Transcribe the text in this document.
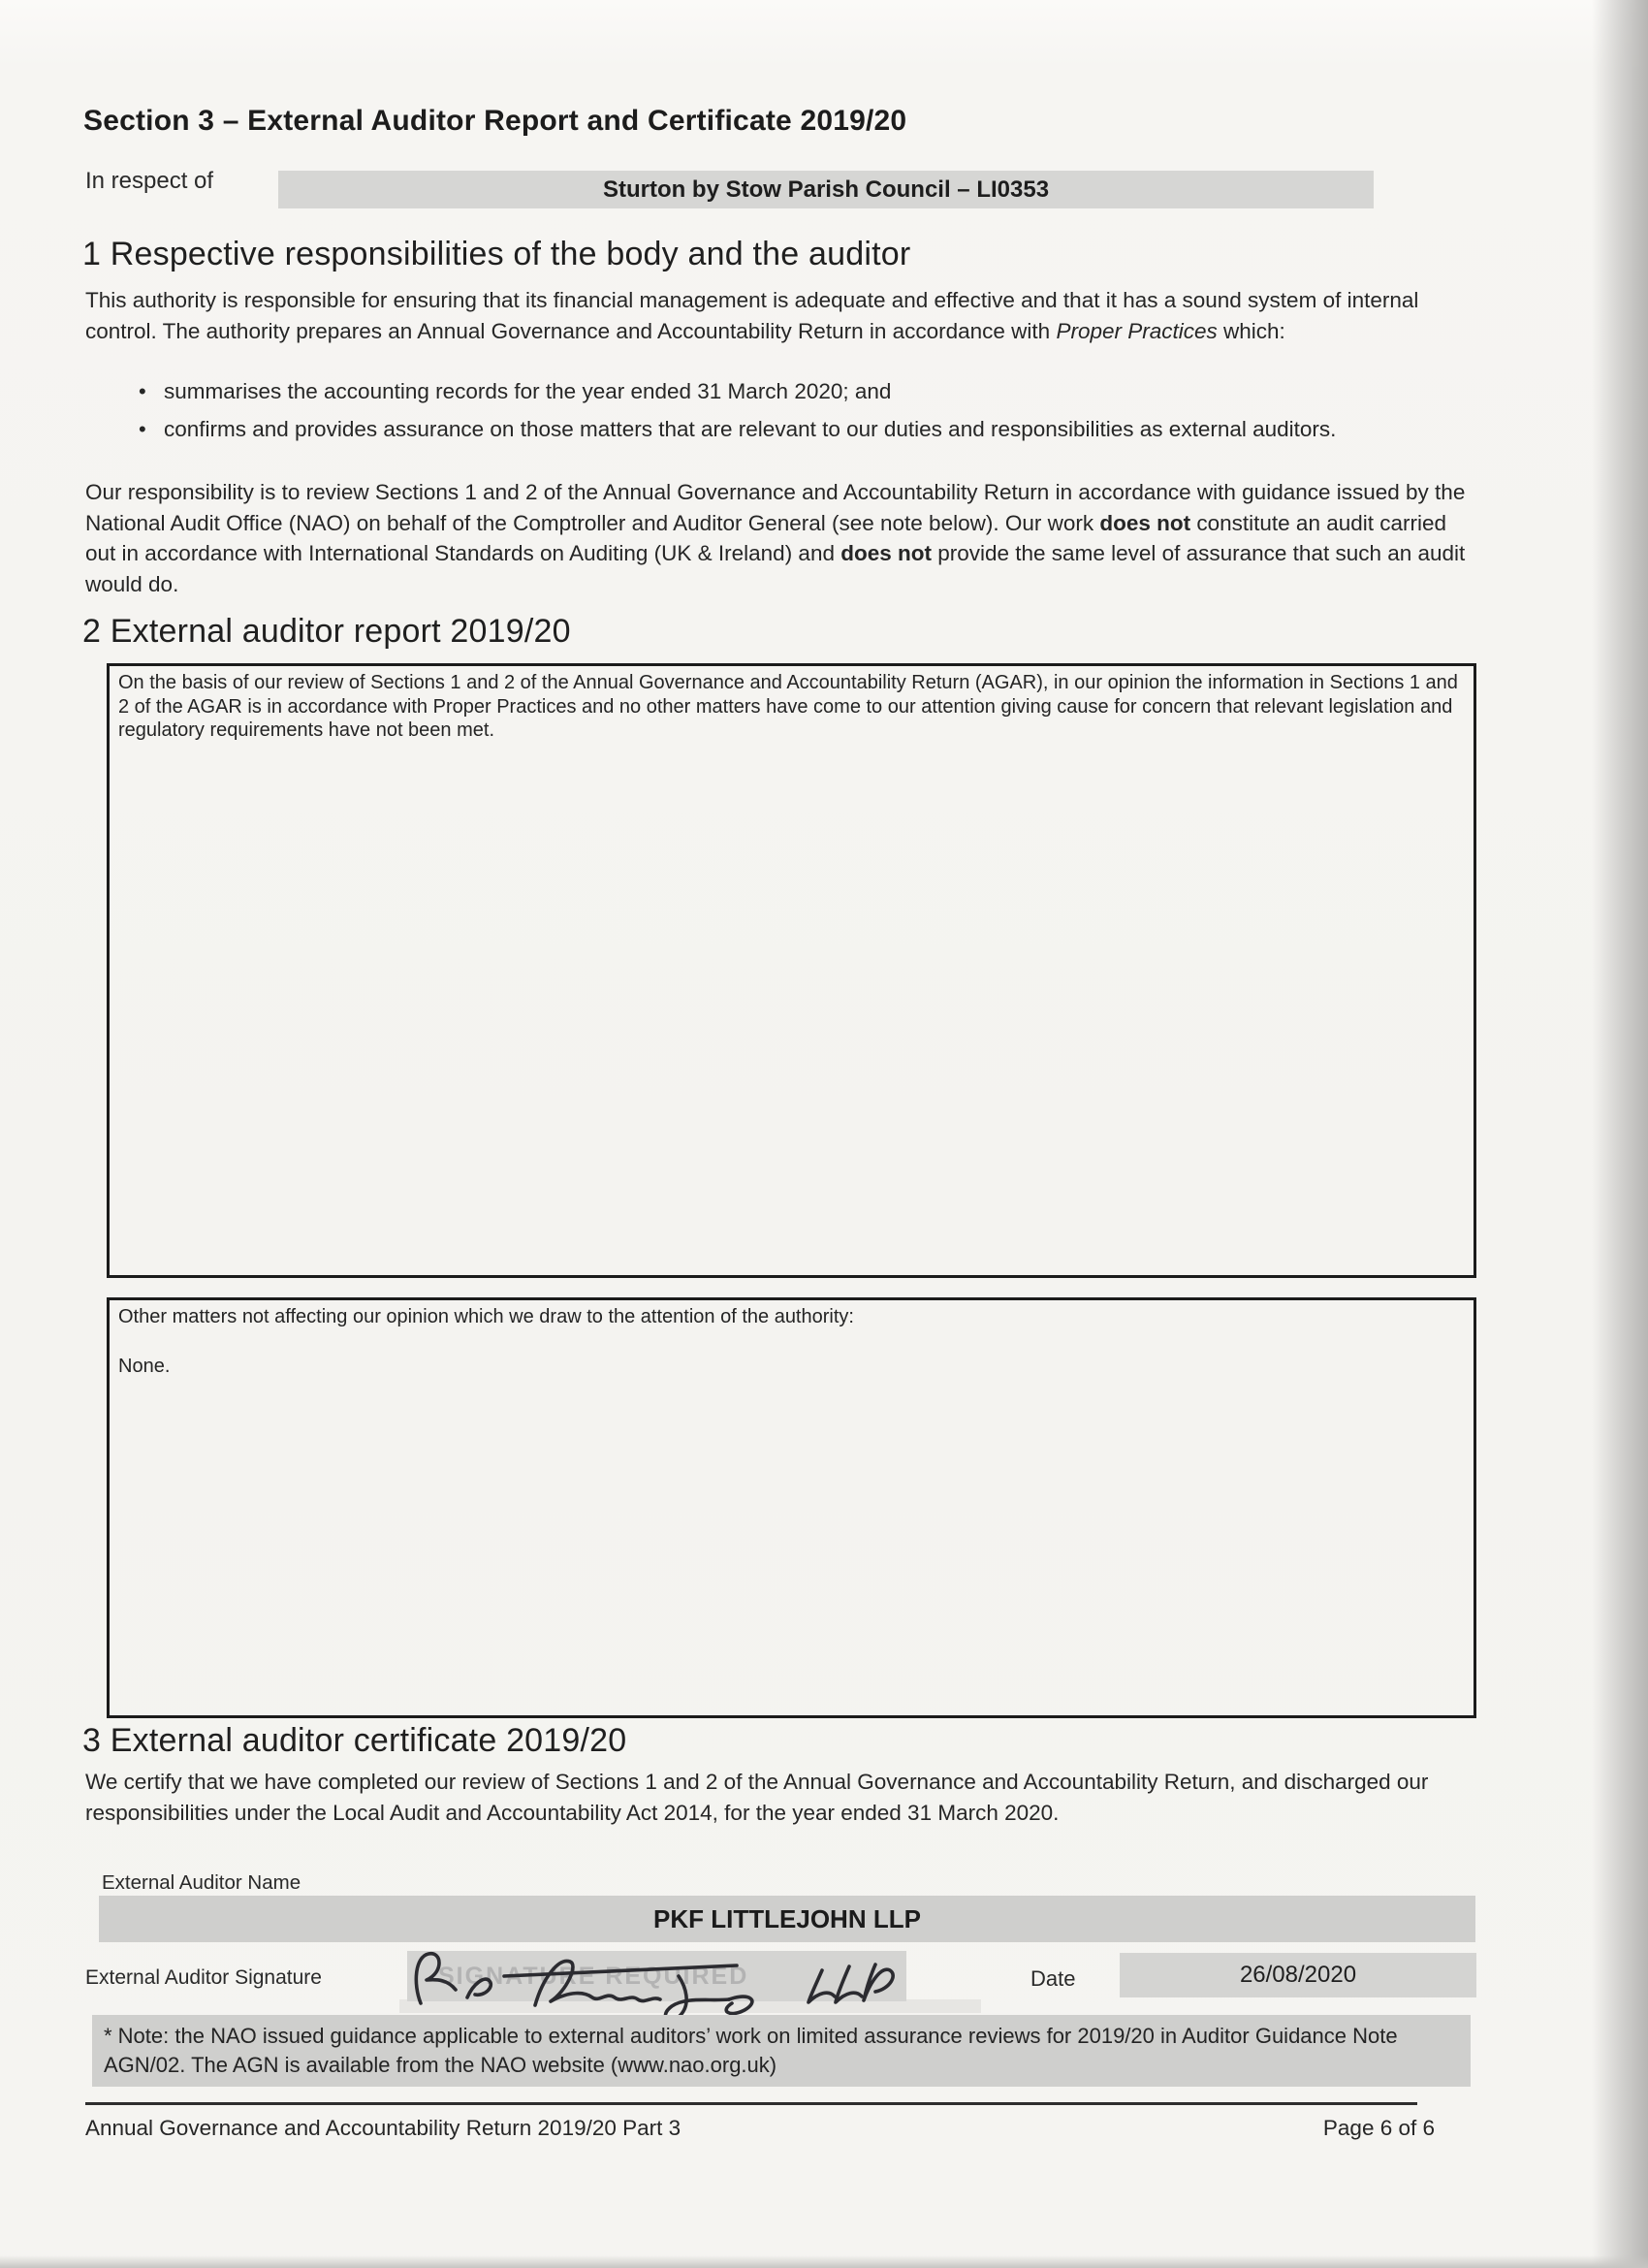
Section 3 – External Auditor Report and Certificate 2019/20
In respect of	Sturton by Stow Parish Council – LI0353
1 Respective responsibilities of the body and the auditor
This authority is responsible for ensuring that its financial management is adequate and effective and that it has a sound system of internal control. The authority prepares an Annual Governance and Accountability Return in accordance with Proper Practices which:
• summarises the accounting records for the year ended 31 March 2020; and
• confirms and provides assurance on those matters that are relevant to our duties and responsibilities as external auditors.
Our responsibility is to review Sections 1 and 2 of the Annual Governance and Accountability Return in accordance with guidance issued by the National Audit Office (NAO) on behalf of the Comptroller and Auditor General (see note below). Our work does not constitute an audit carried out in accordance with International Standards on Auditing (UK & Ireland) and does not provide the same level of assurance that such an audit would do.
2 External auditor report 2019/20
On the basis of our review of Sections 1 and 2 of the Annual Governance and Accountability Return (AGAR), in our opinion the information in Sections 1 and 2 of the AGAR is in accordance with Proper Practices and no other matters have come to our attention giving cause for concern that relevant legislation and regulatory requirements have not been met.
Other matters not affecting our opinion which we draw to the attention of the authority:
None.
3 External auditor certificate 2019/20
We certify that we have completed our review of Sections 1 and 2 of the Annual Governance and Accountability Return, and discharged our responsibilities under the Local Audit and Accountability Act 2014, for the year ended 31 March 2020.
External Auditor Name
PKF LITTLEJOHN LLP
External Auditor Signature	SIGNATURE REQUIRED	Date	26/08/2020
* Note: the NAO issued guidance applicable to external auditors’ work on limited assurance reviews for 2019/20 in Auditor Guidance Note AGN/02. The AGN is available from the NAO website (www.nao.org.uk)
Annual Governance and Accountability Return 2019/20 Part 3	Page 6 of 6
